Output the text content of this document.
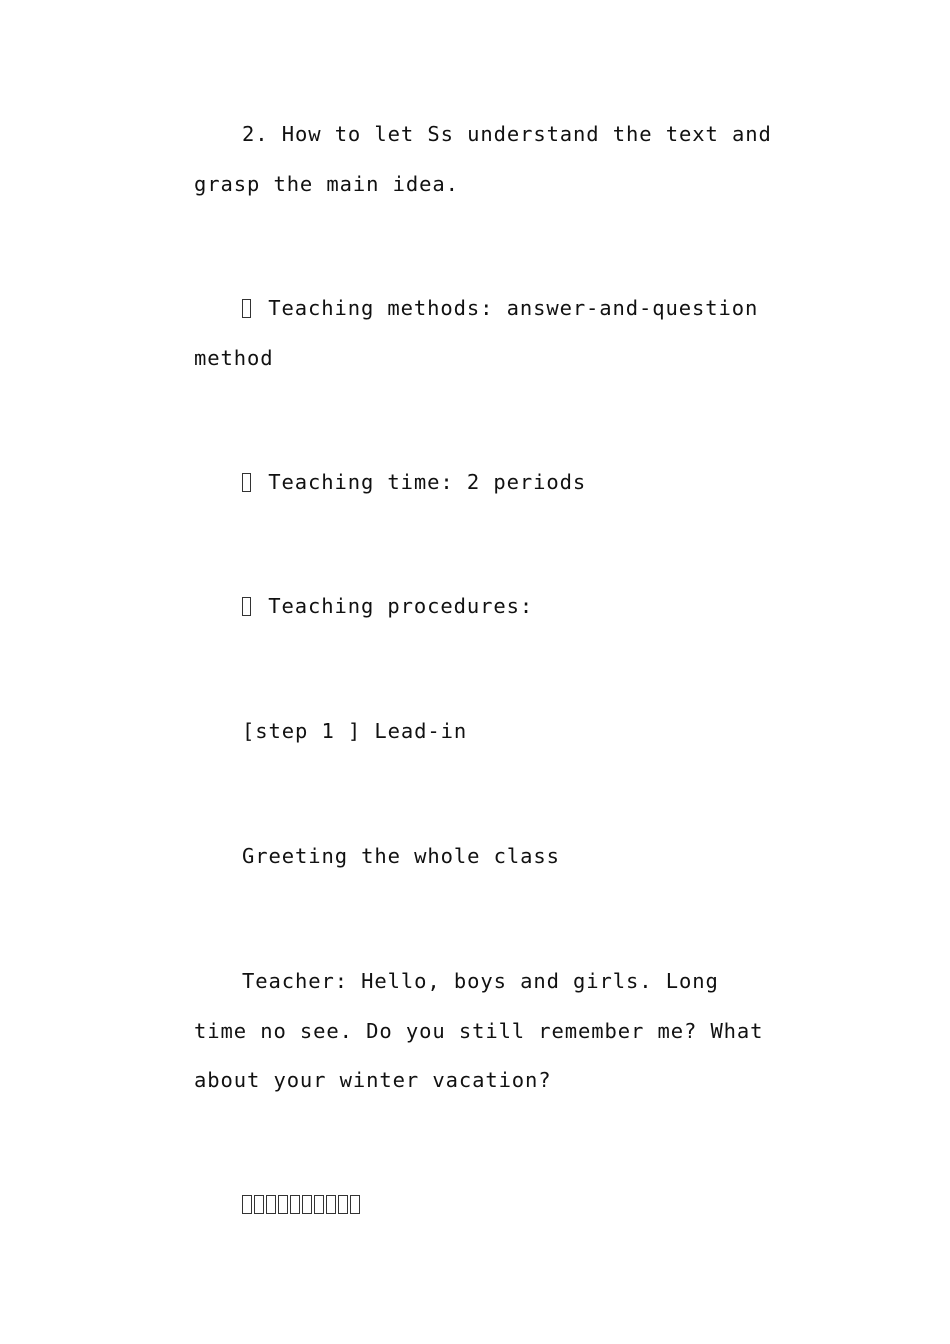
2. How to let Ss understand the text and grasp the main idea.

Teaching methods: answer-and-question method

Teaching time: 2 periods

Teaching procedures:

[step 1 ] Lead-in

Greeting the whole class

Teacher: Hello, boys and girls. Long time no see. Do you still remember me? What about your winter vacation?
